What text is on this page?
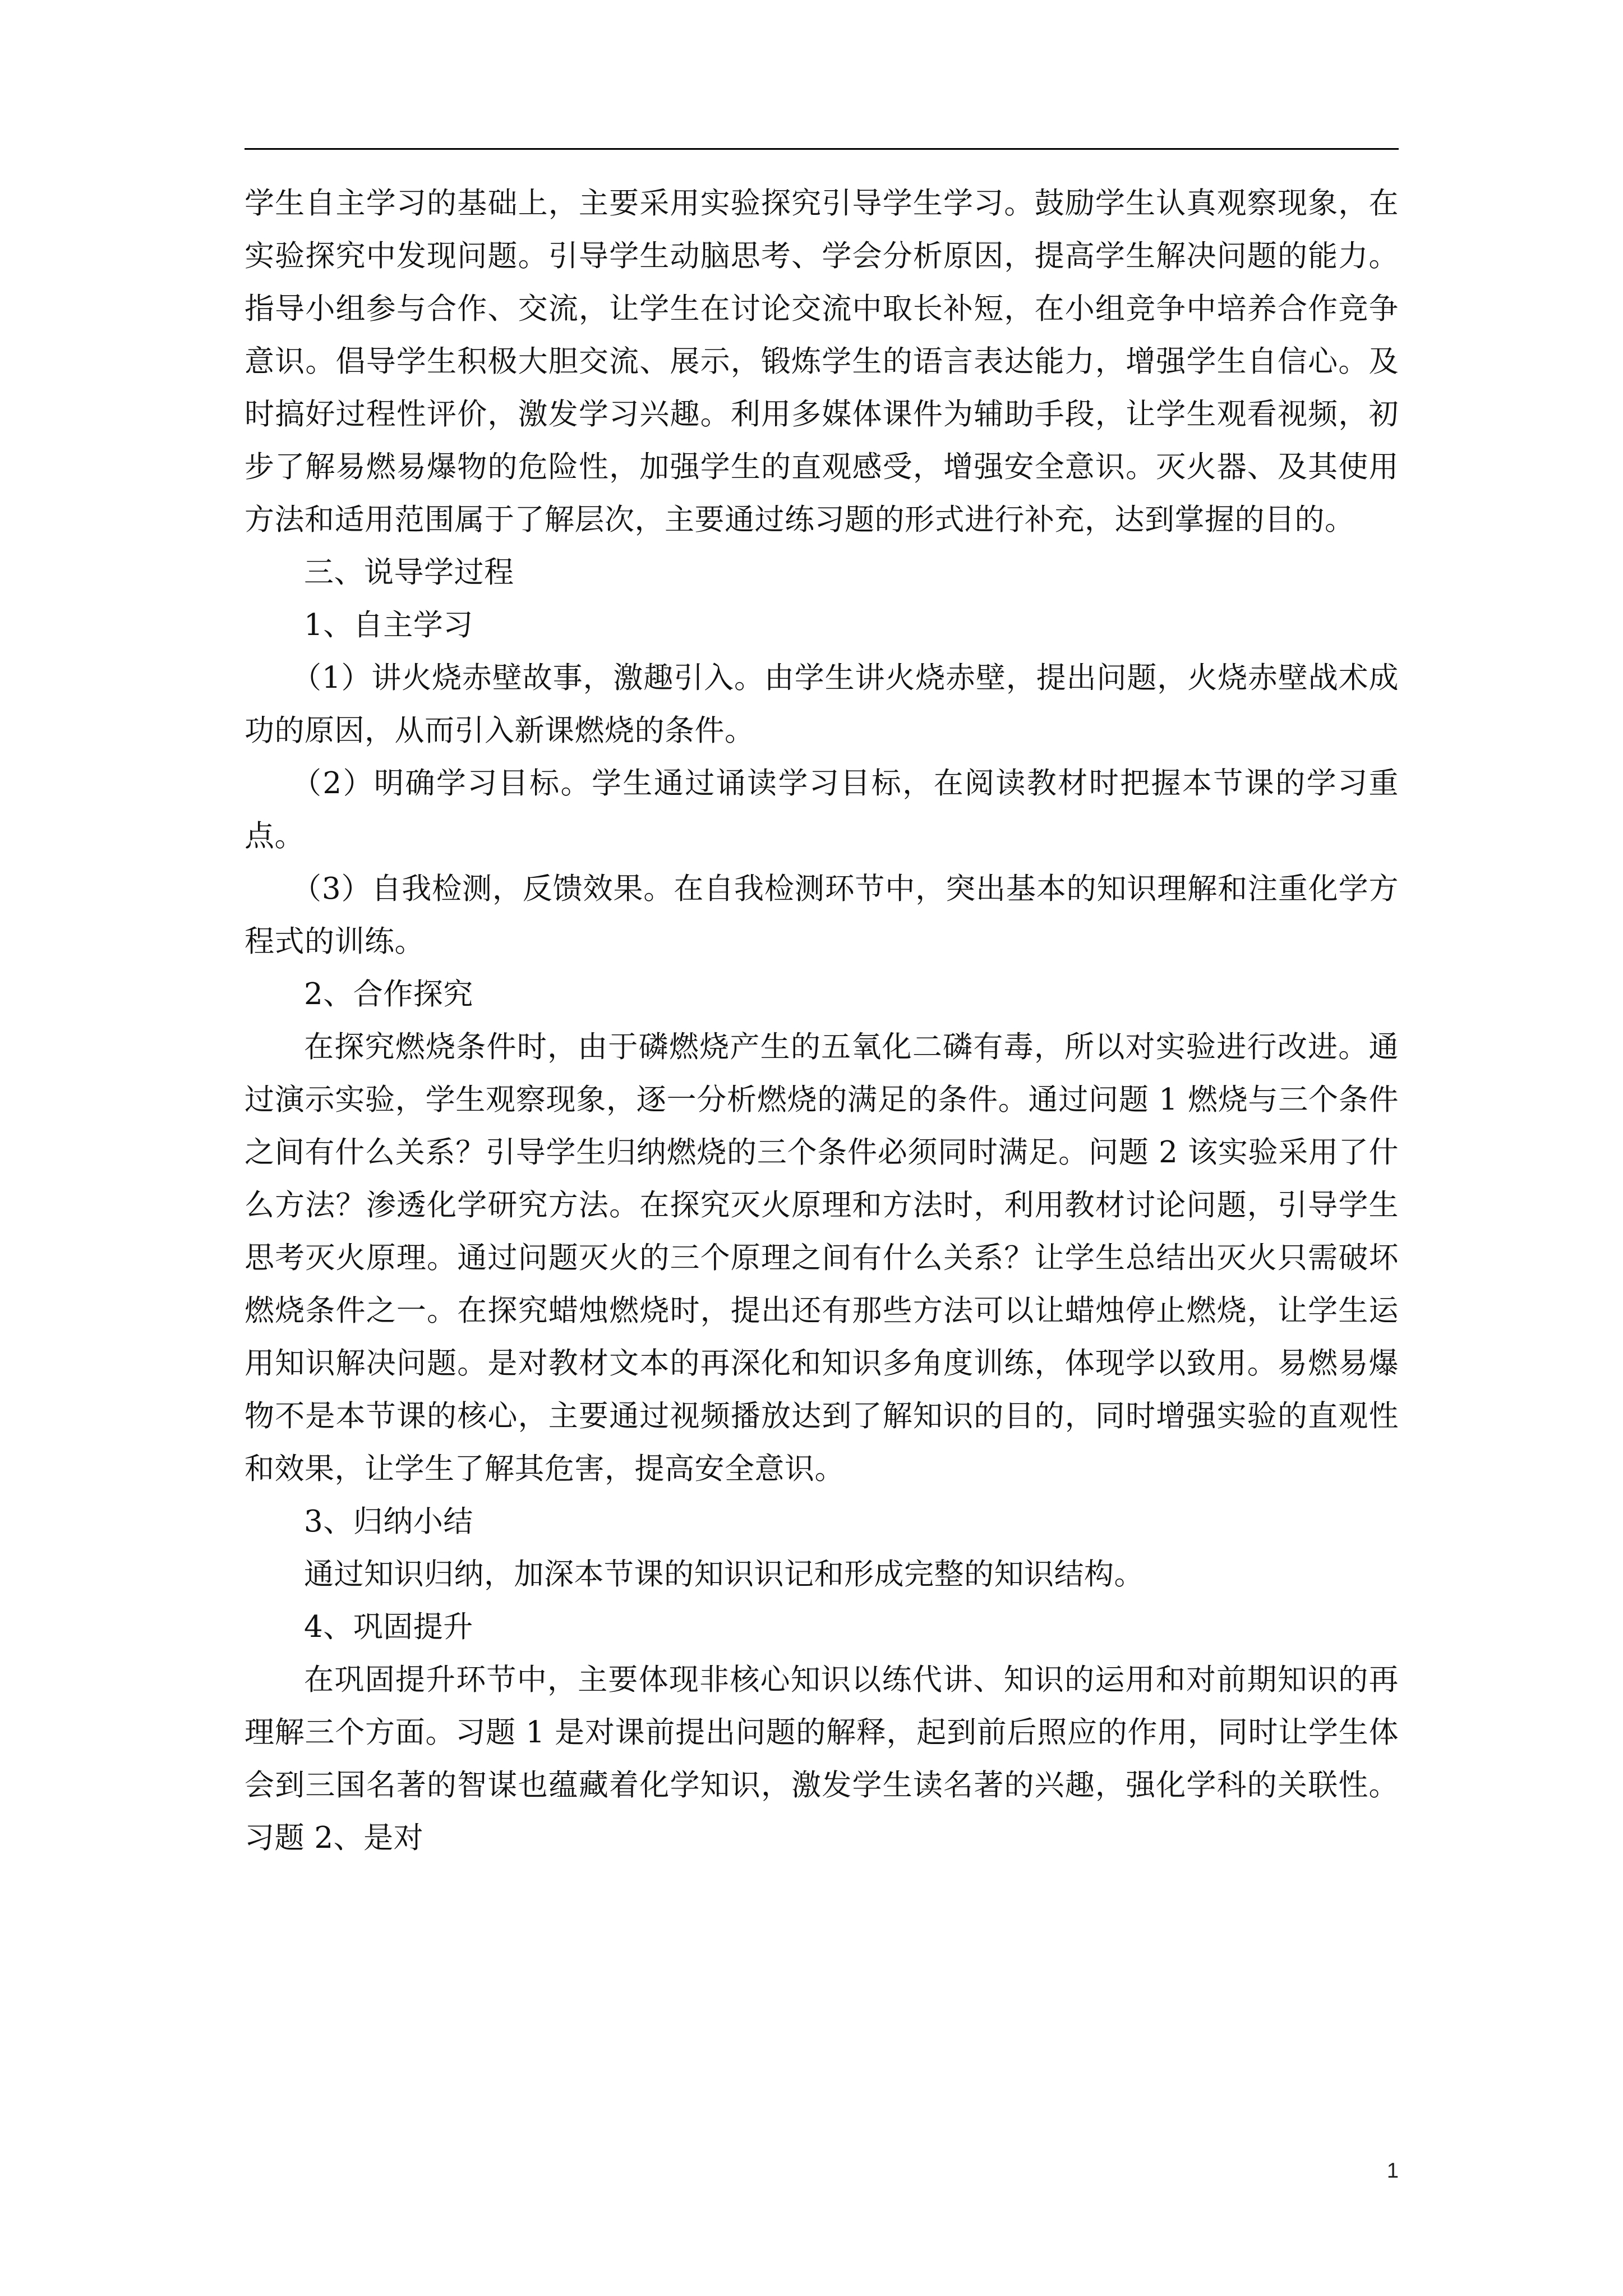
学生自主学习的基础上，主要采用实验探究引导学生学习。鼓励学生认真观察现象，在实验探究中发现问题。引导学生动脑思考、学会分析原因，提高学生解决问题的能力。指导小组参与合作、交流，让学生在讨论交流中取长补短，在小组竞争中培养合作竞争意识。倡导学生积极大胆交流、展示，锻炼学生的语言表达能力，增强学生自信心。及时搞好过程性评价，激发学习兴趣。利用多媒体课件为辅助手段，让学生观看视频，初步了解易燃易爆物的危险性，加强学生的直观感受，增强安全意识。灭火器、及其使用方法和适用范围属于了解层次，主要通过练习题的形式进行补充，达到掌握的目的。

三、说导学过程

1、自主学习

（1）讲火烧赤壁故事，激趣引入。由学生讲火烧赤壁，提出问题，火烧赤壁战术成功的原因，从而引入新课燃烧的条件。

（2）明确学习目标。学生通过诵读学习目标，在阅读教材时把握本节课的学习重点。

（3）自我检测，反馈效果。在自我检测环节中，突出基本的知识理解和注重化学方程式的训练。

2、合作探究

在探究燃烧条件时，由于磷燃烧产生的五氧化二磷有毒，所以对实验进行改进。通过演示实验，学生观察现象，逐一分析燃烧的满足的条件。通过问题 1 燃烧与三个条件之间有什么关系？引导学生归纳燃烧的三个条件必须同时满足。问题 2 该实验采用了什么方法？渗透化学研究方法。在探究灭火原理和方法时，利用教材讨论问题，引导学生思考灭火原理。通过问题灭火的三个原理之间有什么关系？让学生总结出灭火只需破坏燃烧条件之一。在探究蜡烛燃烧时，提出还有那些方法可以让蜡烛停止燃烧，让学生运用知识解决问题。是对教材文本的再深化和知识多角度训练，体现学以致用。易燃易爆物不是本节课的核心，主要通过视频播放达到了解知识的目的，同时增强实验的直观性和效果，让学生了解其危害，提高安全意识。

3、归纳小结

通过知识归纳，加深本节课的知识识记和形成完整的知识结构。

4、巩固提升

在巩固提升环节中，主要体现非核心知识以练代讲、知识的运用和对前期知识的再理解三个方面。习题 1 是对课前提出问题的解释，起到前后照应的作用，同时让学生体会到三国名著的智谋也蕴藏着化学知识，激发学生读名著的兴趣，强化学科的关联性。习题 2、是对

1
